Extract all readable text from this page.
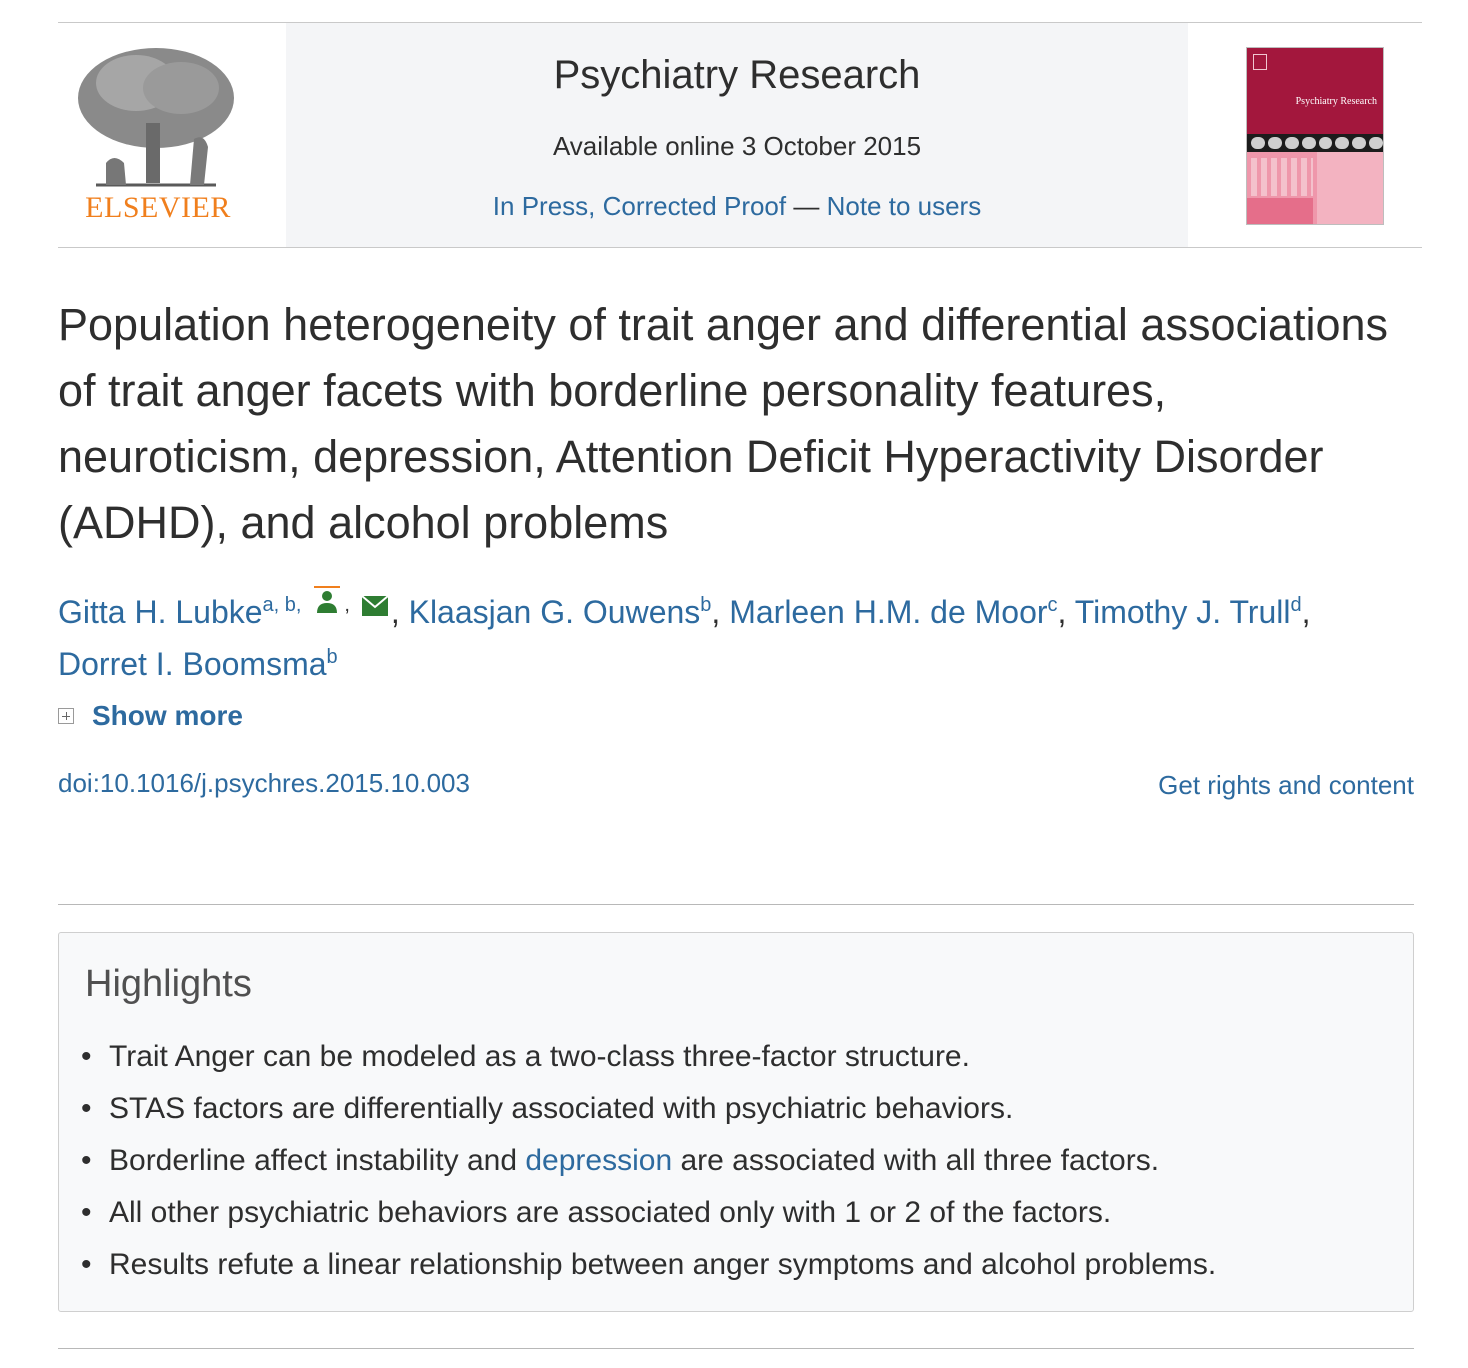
ELSEVIER
Psychiatry Research
Available online 3 October 2015
In Press, Corrected Proof — Note to users
Psychiatry Research
Population heterogeneity of trait anger and differential associations of trait anger facets with borderline personality features, neuroticism, depression, Attention Deficit Hyperactivity Disorder (ADHD), and alcohol problems
Gitta H. Lubke$^{a, b,}$ , , Klaasjan G. Ouwens$^b$, Marleen H.M. de Moor$^c$, Timothy J. Trull$^d$, Dorret I. Boomsma$^b$
Show more
doi:10.1016/j.psychres.2015.10.003	Get rights and content
Highlights
• Trait Anger can be modeled as a two-class three-factor structure.
• STAS factors are differentially associated with psychiatric behaviors.
• Borderline affect instability and depression are associated with all three factors.
• All other psychiatric behaviors are associated only with 1 or 2 of the factors.
• Results refute a linear relationship between anger symptoms and alcohol problems.
